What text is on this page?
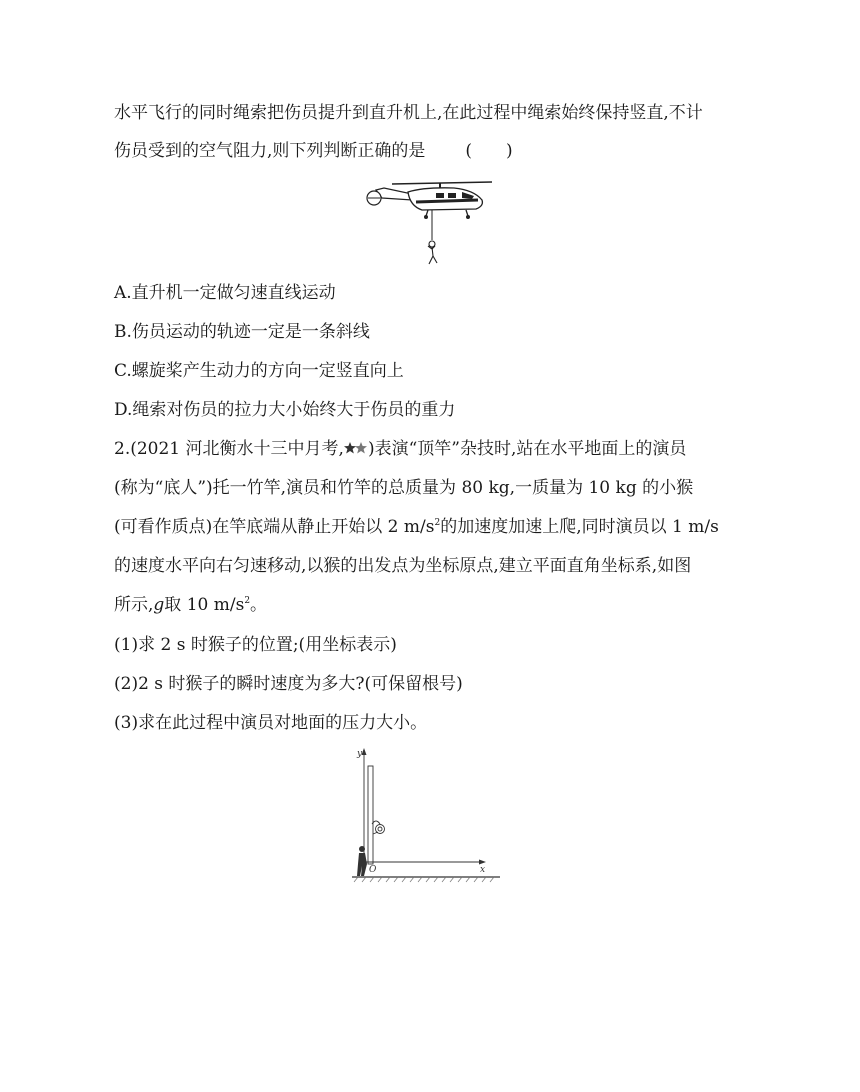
水平飞行的同时绳索把伤员提升到直升机上,在此过程中绳索始终保持竖直,不计
伤员受到的空气阻力,则下列判断正确的是 (　　)
A.直升机一定做匀速直线运动
B.伤员运动的轨迹一定是一条斜线
C.螺旋桨产生动力的方向一定竖直向上
D.绳索对伤员的拉力大小始终大于伤员的重力
2.(2021 河北衡水十三中月考, )表演“顶竿”杂技时,站在水平地面上的演员
(称为“底人”)托一竹竿,演员和竹竿的总质量为 80 kg,一质量为 10 kg 的小猴
(可看作质点)在竿底端从静止开始以 2 $m/s^2$的加速度加速上爬,同时演员以 1 m/s
的速度水平向右匀速移动,以猴的出发点为坐标原点,建立平面直角坐标系,如图
所示,g取 10 $m/s^2$。
(1)求 2 s 时猴子的位置;(用坐标表示)
(2)2 s 时猴子的瞬时速度为多大?(可保留根号)
(3)求在此过程中演员对地面的压力大小。
y
x
O
